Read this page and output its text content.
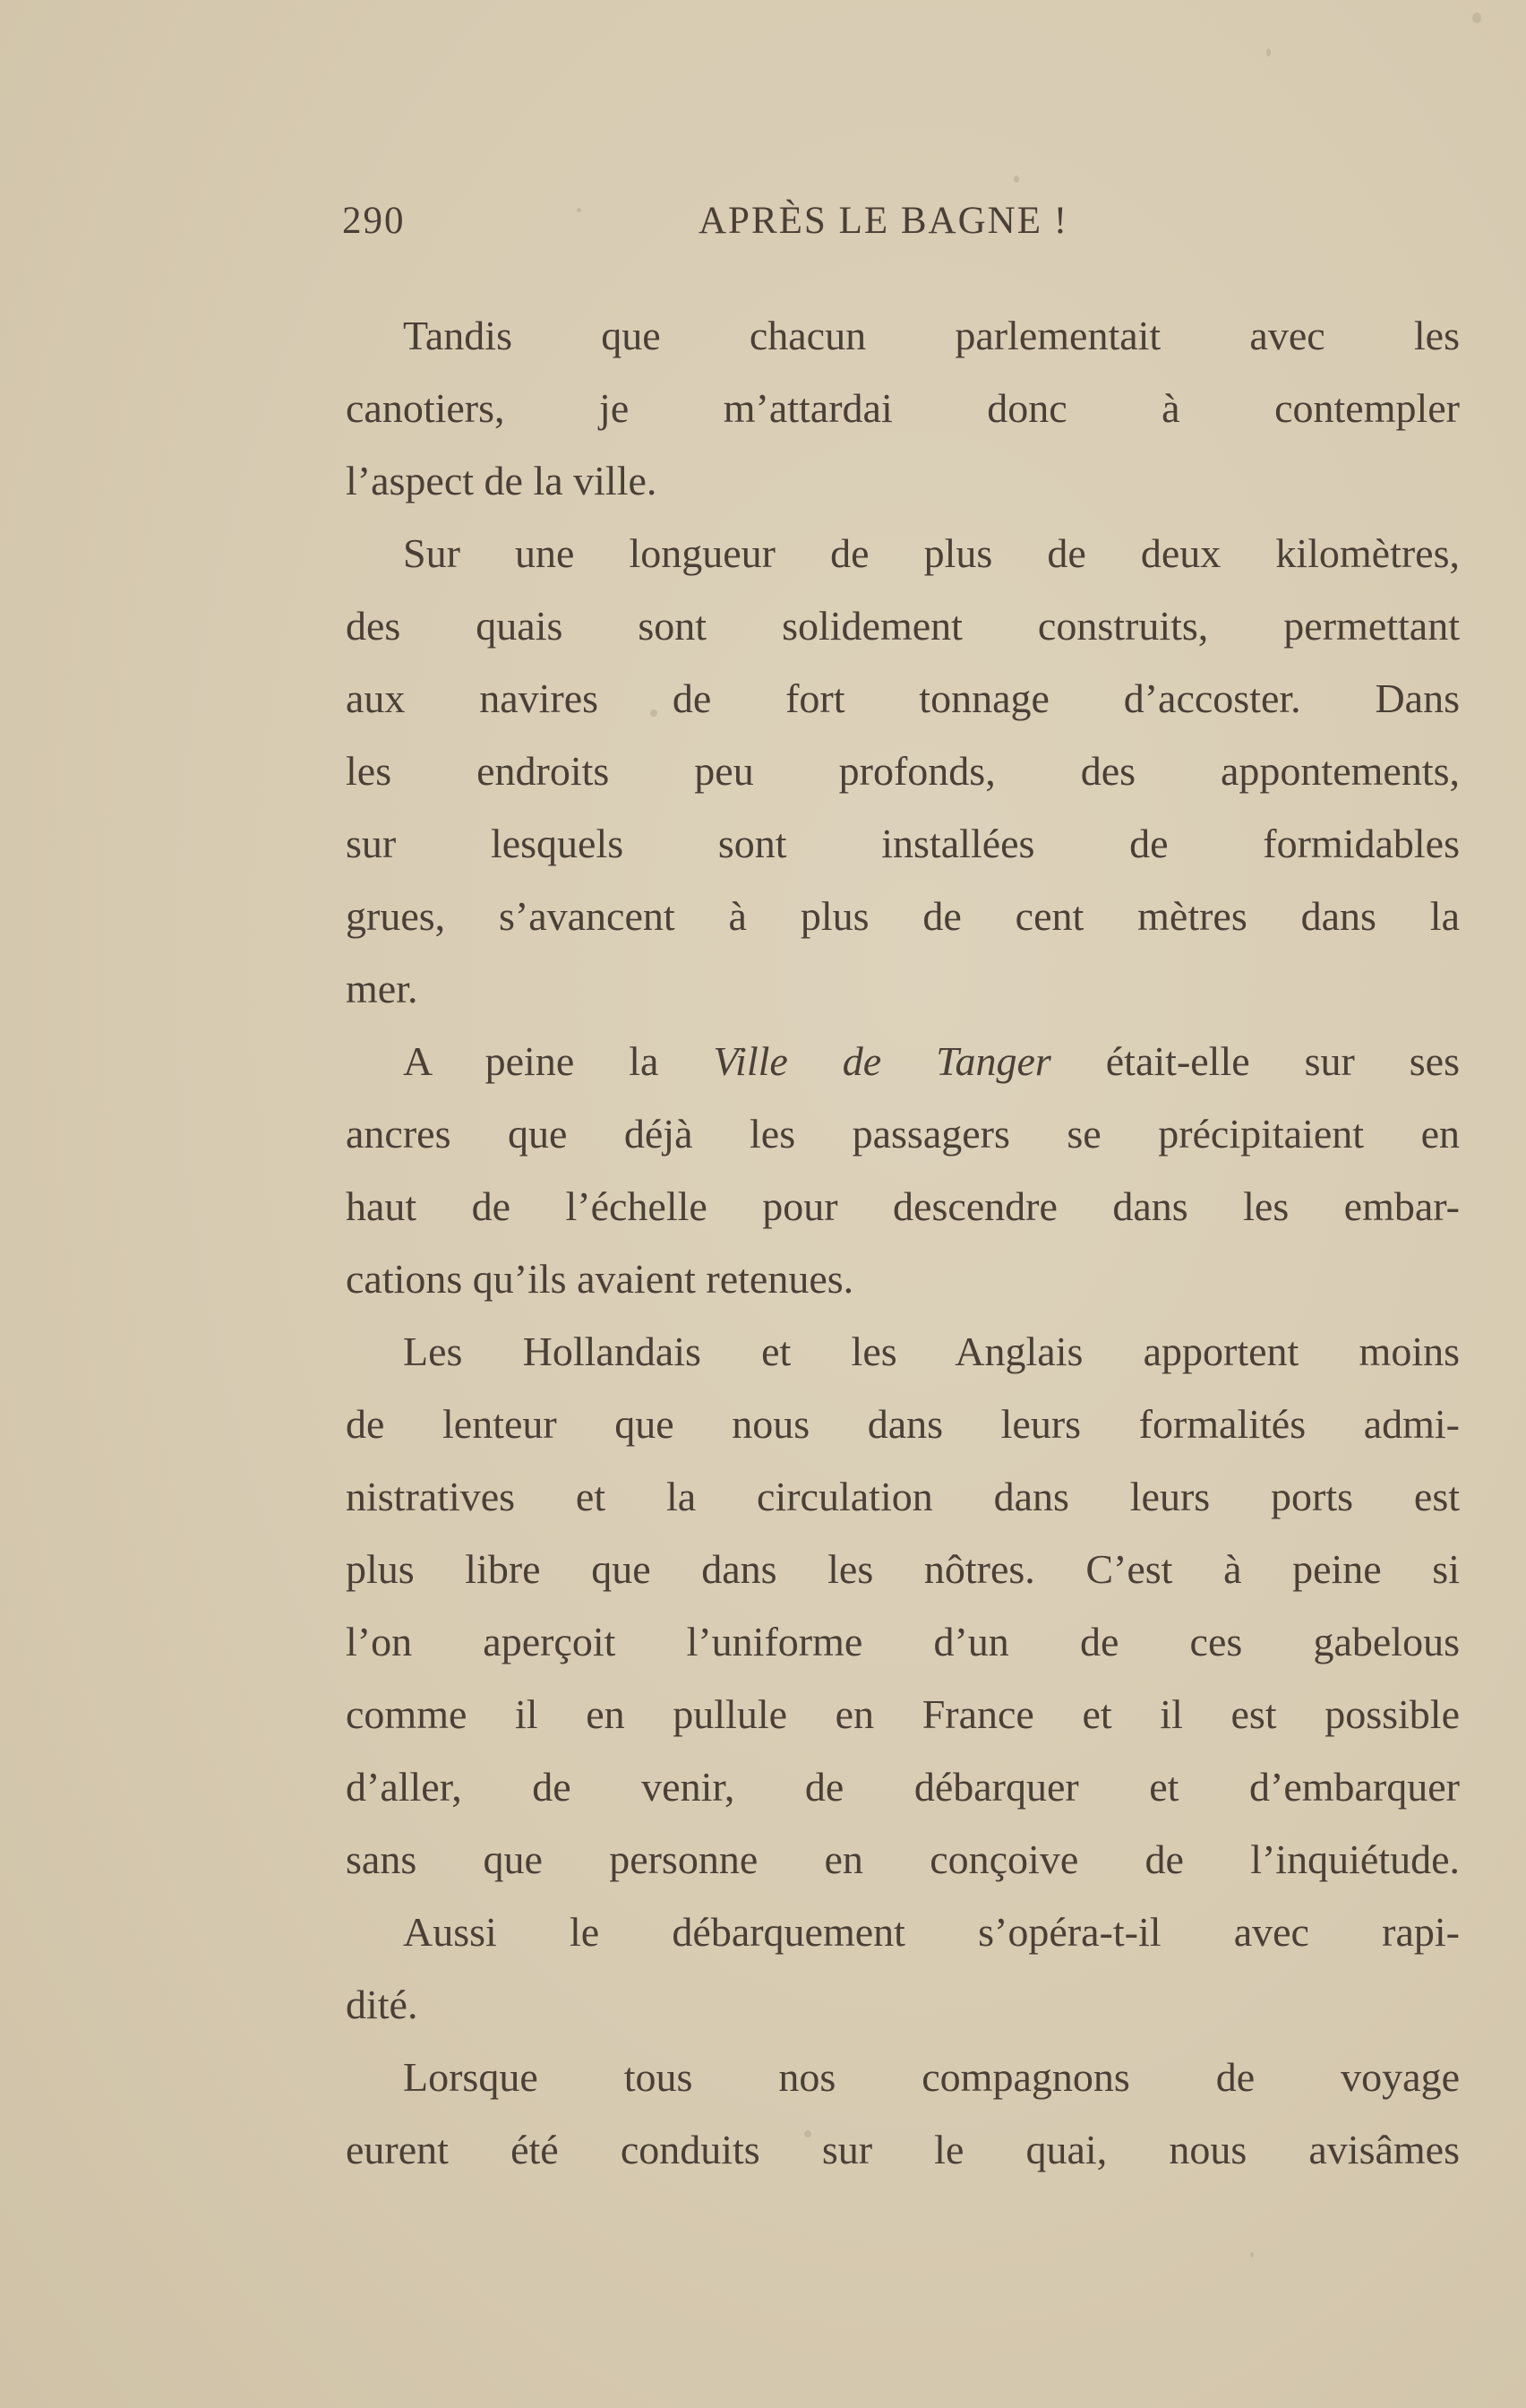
290	APRÈS LE BAGNE !
Tandis que chacun parlementait avec les
canotiers, je m’attardai donc à contempler
l’aspect de la ville.
Sur une longueur de plus de deux kilomètres,
des quais sont solidement construits, permettant
aux navires de fort tonnage d’accoster. Dans
les endroits peu profonds, des appontements,
sur lesquels sont installées de formidables
grues, s’avancent à plus de cent mètres dans la
mer.
A peine la Ville de Tanger était-elle sur ses
ancres que déjà les passagers se précipitaient en
haut de l’échelle pour descendre dans les embar-
cations qu’ils avaient retenues.
Les Hollandais et les Anglais apportent moins
de lenteur que nous dans leurs formalités admi-
nistratives et la circulation dans leurs ports est
plus libre que dans les nôtres. C’est à peine si
l’on aperçoit l’uniforme d’un de ces gabelous
comme il en pullule en France et il est possible
d’aller, de venir, de débarquer et d’embarquer
sans que personne en conçoive de l’inquiétude.
Aussi le débarquement s’opéra-t-il avec rapi-
dité.
Lorsque tous nos compagnons de voyage
eurent été conduits sur le quai, nous avisâmes
